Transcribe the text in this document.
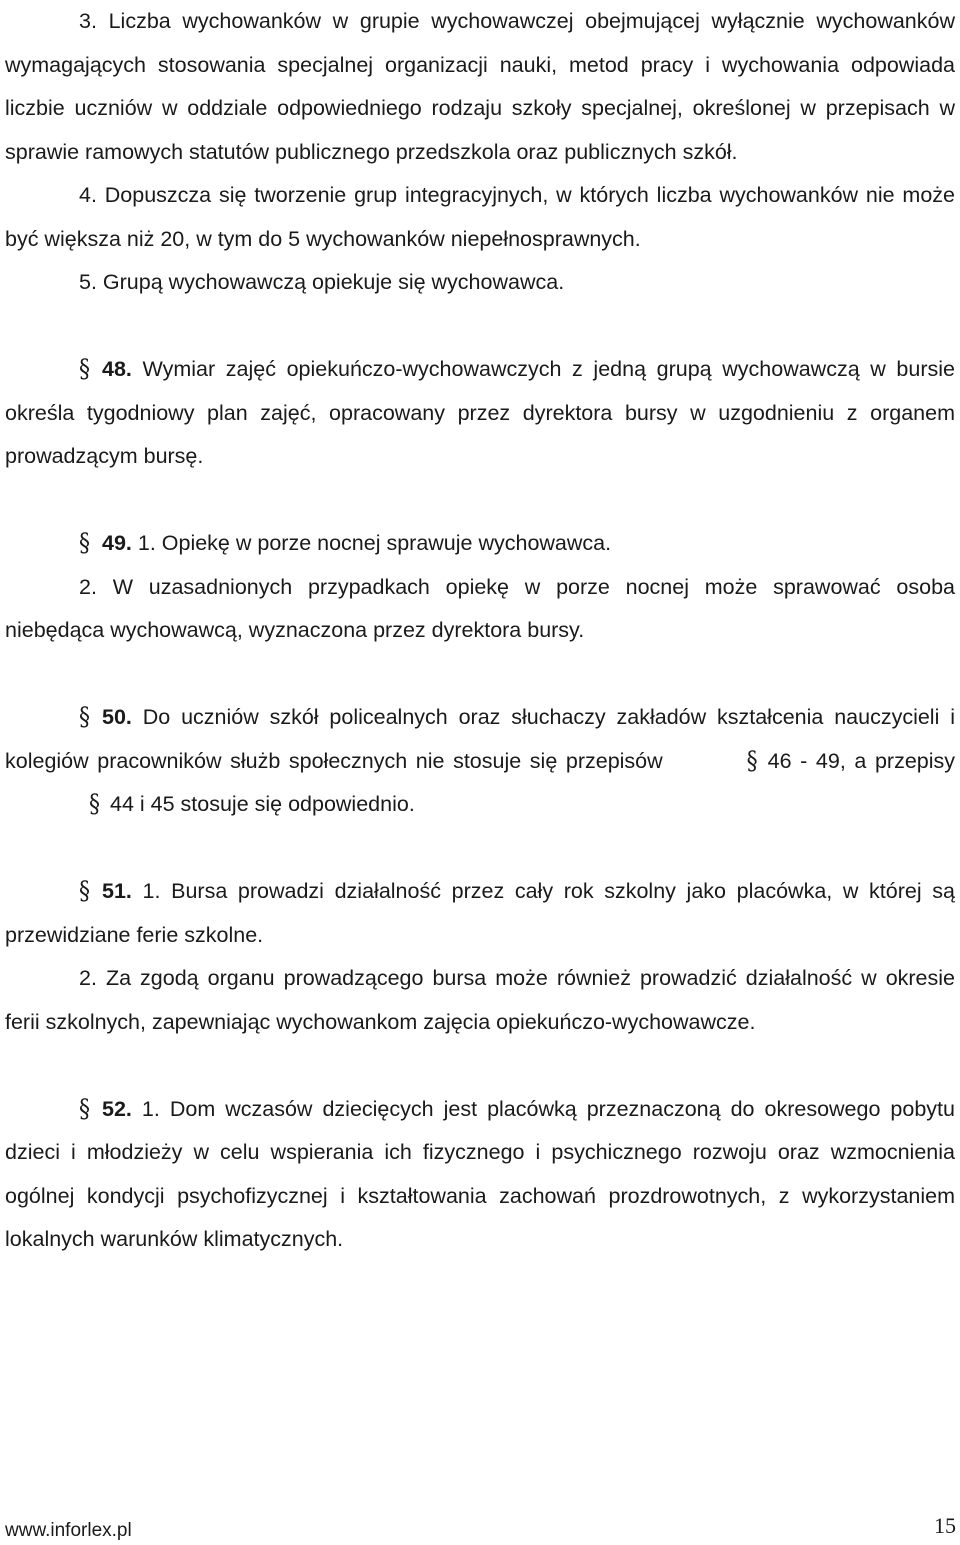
3. Liczba wychowanków w grupie wychowawczej obejmującej wyłącznie wychowanków wymagających stosowania specjalnej organizacji nauki, metod pracy i wychowania odpowiada liczbie uczniów w oddziale odpowiedniego rodzaju szkoły specjalnej, określonej w przepisach w sprawie ramowych statutów publicznego przedszkola oraz publicznych szkół.

4. Dopuszcza się tworzenie grup integracyjnych, w których liczba wychowanków nie może być większa niż 20, w tym do 5 wychowanków niepełnosprawnych.

5. Grupą wychowawczą opiekuje się wychowawca.

§ 48. Wymiar zajęć opiekuńczo-wychowawczych z jedną grupą wychowawczą w bursie określa tygodniowy plan zajęć, opracowany przez dyrektora bursy w uzgodnieniu z organem prowadzącym bursę.

§ 49. 1. Opiekę w porze nocnej sprawuje wychowawca.

2. W uzasadnionych przypadkach opiekę w porze nocnej może sprawować osoba niebędąca wychowawcą, wyznaczona przez dyrektora bursy.

§ 50. Do uczniów szkół policealnych oraz słuchaczy zakładów kształcenia nauczycieli i kolegiów pracowników służb społecznych nie stosuje się przepisów	§ 46 - 49, a przepisy§ 44 i 45 stosuje się odpowiednio.

§ 51. 1. Bursa prowadzi działalność przez cały rok szkolny jako placówka, w której są przewidziane ferie szkolne.

2. Za zgodą organu prowadzącego bursa może również prowadzić działalność w okresie ferii szkolnych, zapewniając wychowankom zajęcia opiekuńczo-wychowawcze.

§ 52. 1. Dom wczasów dziecięcych jest placówką przeznaczoną do okresowego pobytu dzieci i młodzieży w celu wspierania ich fizycznego i psychicznego rozwoju oraz wzmocnienia ogólnej kondycji psychofizycznej i kształtowania zachowań prozdrowotnych, z wykorzystaniem lokalnych warunków klimatycznych.

www.inforlex.pl	15
